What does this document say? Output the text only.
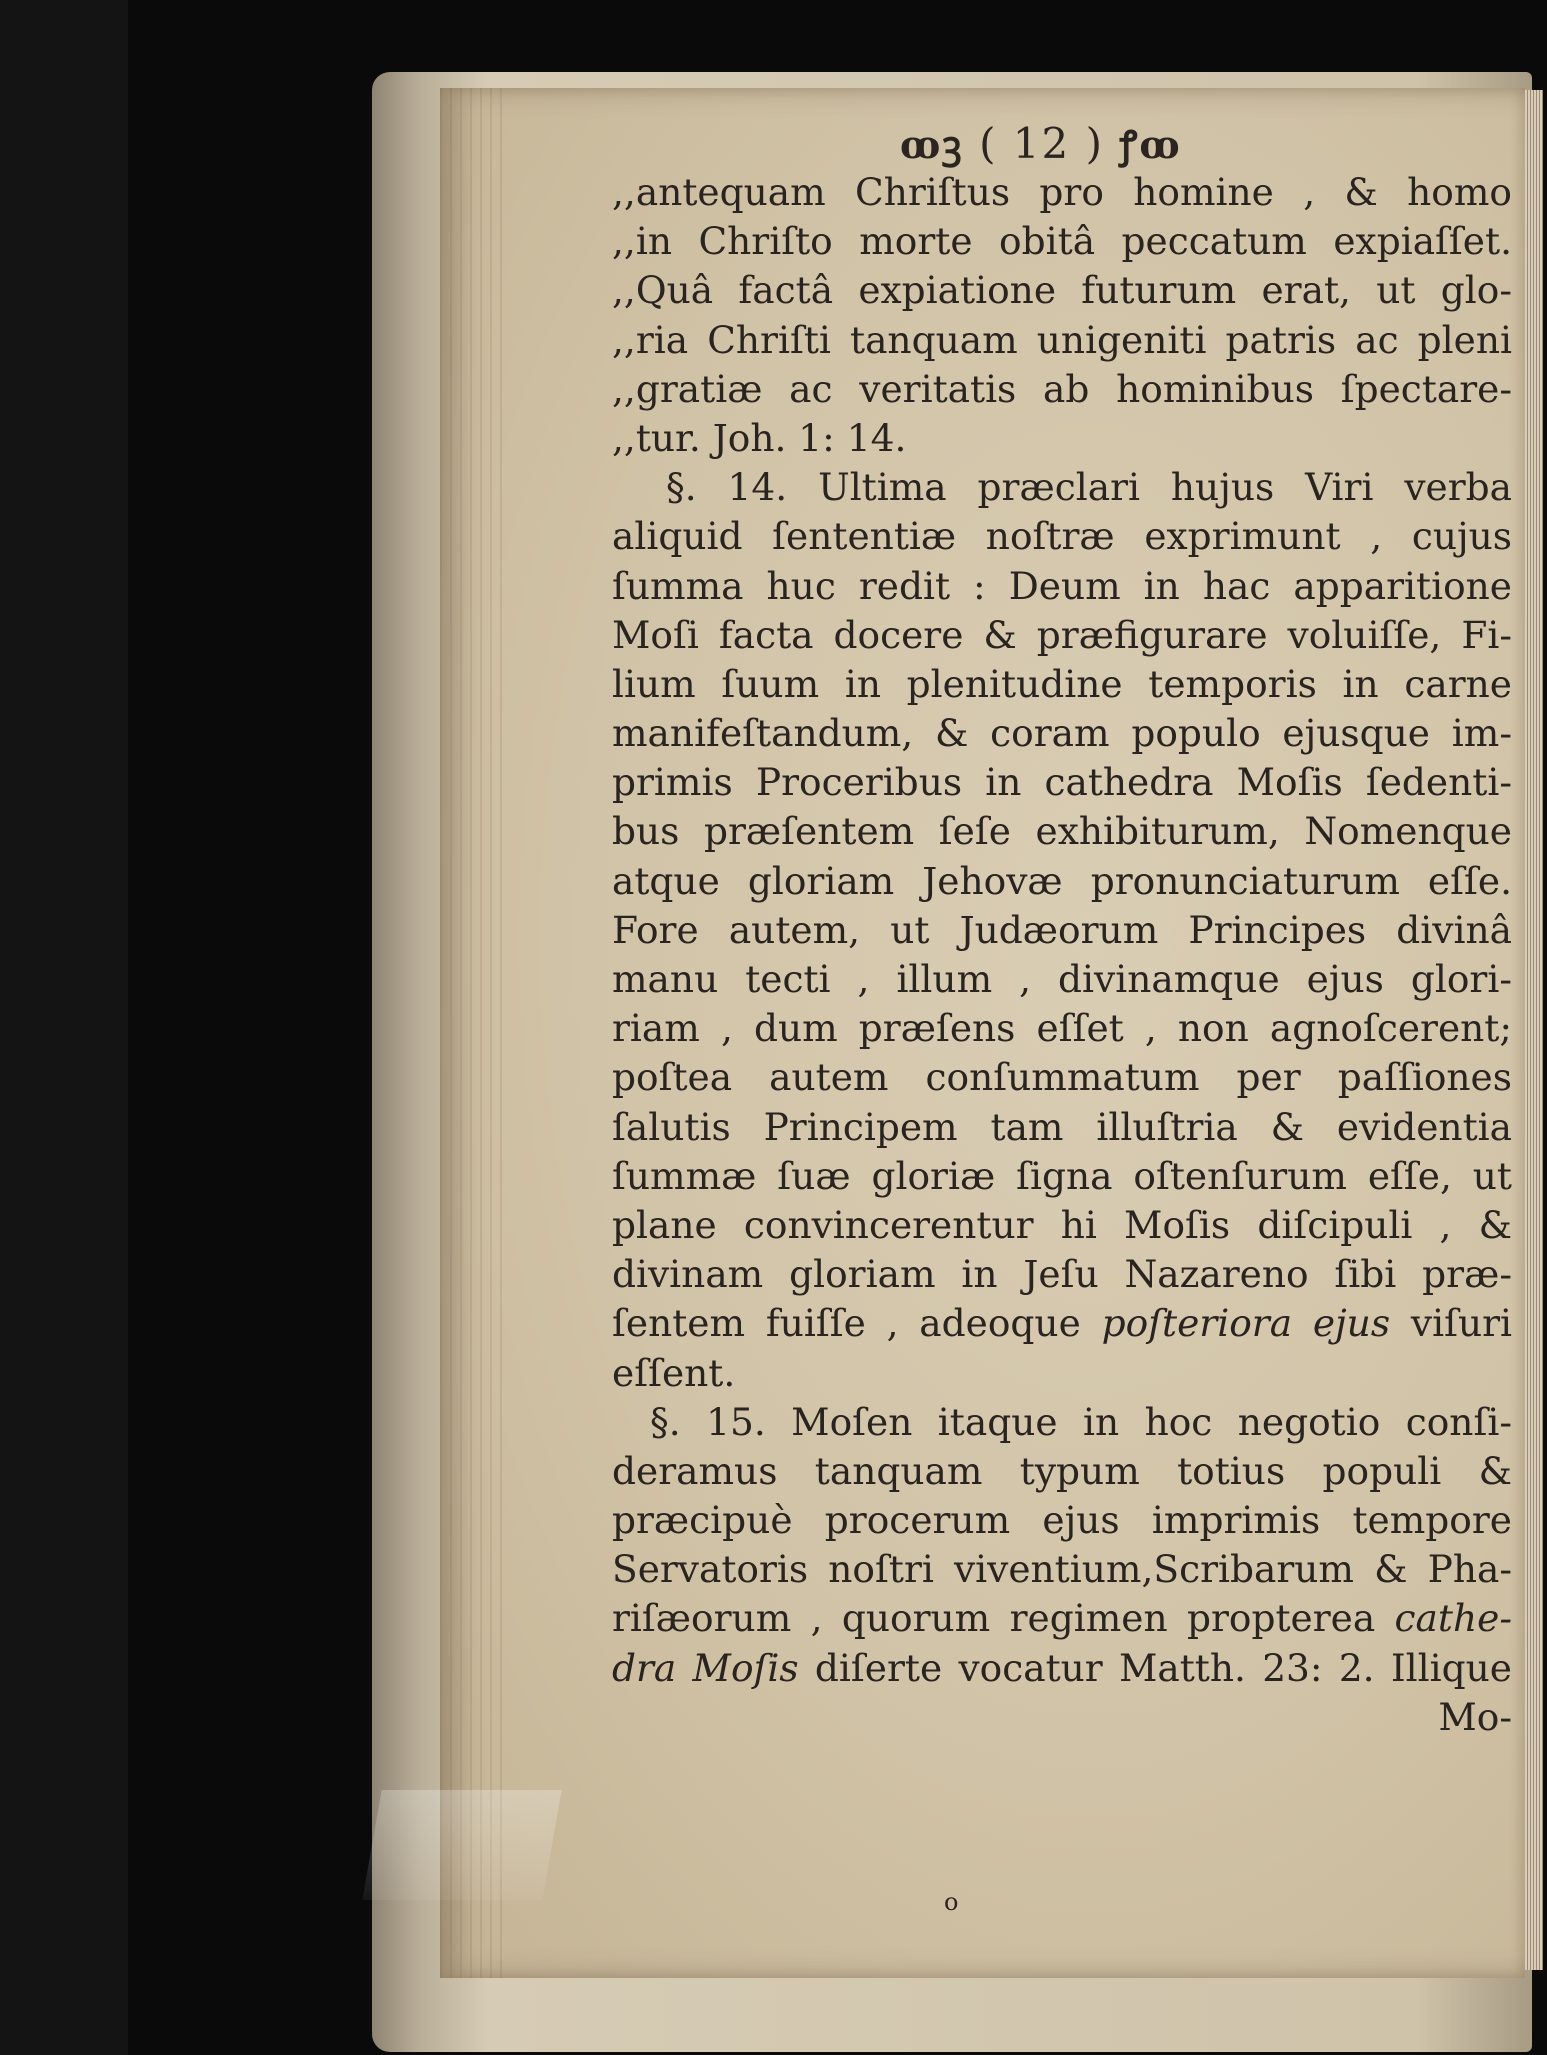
ꝏꝫ ( 12 ) ꝭꝏ
,,antequam Chriſtus pro homine , & homo
,,in Chriſto morte obitâ peccatum expiaſſet.
,,Quâ factâ expiatione futurum erat, ut glo-
,,ria Chriſti tanquam unigeniti patris ac pleni
,,gratiæ ac veritatis ab hominibus ſpectare-
,,tur. Joh. 1: 14.
§. 14. Ultima præclari hujus Viri verba
aliquid ſententiæ noſtræ exprimunt , cujus
ſumma huc redit : Deum in hac apparitione
Moſi facta docere & præfigurare voluiſſe, Fi-
lium ſuum in plenitudine temporis in carne
manifeſtandum, & coram populo ejusque im-
primis Proceribus in cathedra Moſis ſedenti-
bus præſentem ſeſe exhibiturum, Nomenque
atque gloriam Jehovæ pronunciaturum eſſe.
Fore autem, ut Judæorum Principes divinâ
manu tecti , illum , divinamque ejus glori-
riam , dum præſens eſſet , non agnoſcerent;
poſtea autem conſummatum per paſſiones
ſalutis Principem tam illuſtria & evidentia
ſummæ ſuæ gloriæ ſigna oſtenſurum eſſe, ut
plane convincerentur hi Moſis diſcipuli , &
divinam gloriam in Jeſu Nazareno ſibi præ-
ſentem fuiſſe , adeoque poſteriora ejus viſuri
eſſent.
§. 15. Moſen itaque in hoc negotio conſi-
deramus tanquam typum totius populi &
præcipuè procerum ejus imprimis tempore
Servatoris noſtri viventium,Scribarum & Pha-
riſæorum , quorum regimen propterea cathe-
dra Moſis diſerte vocatur Matth. 23: 2. Illique
Mo-
o
